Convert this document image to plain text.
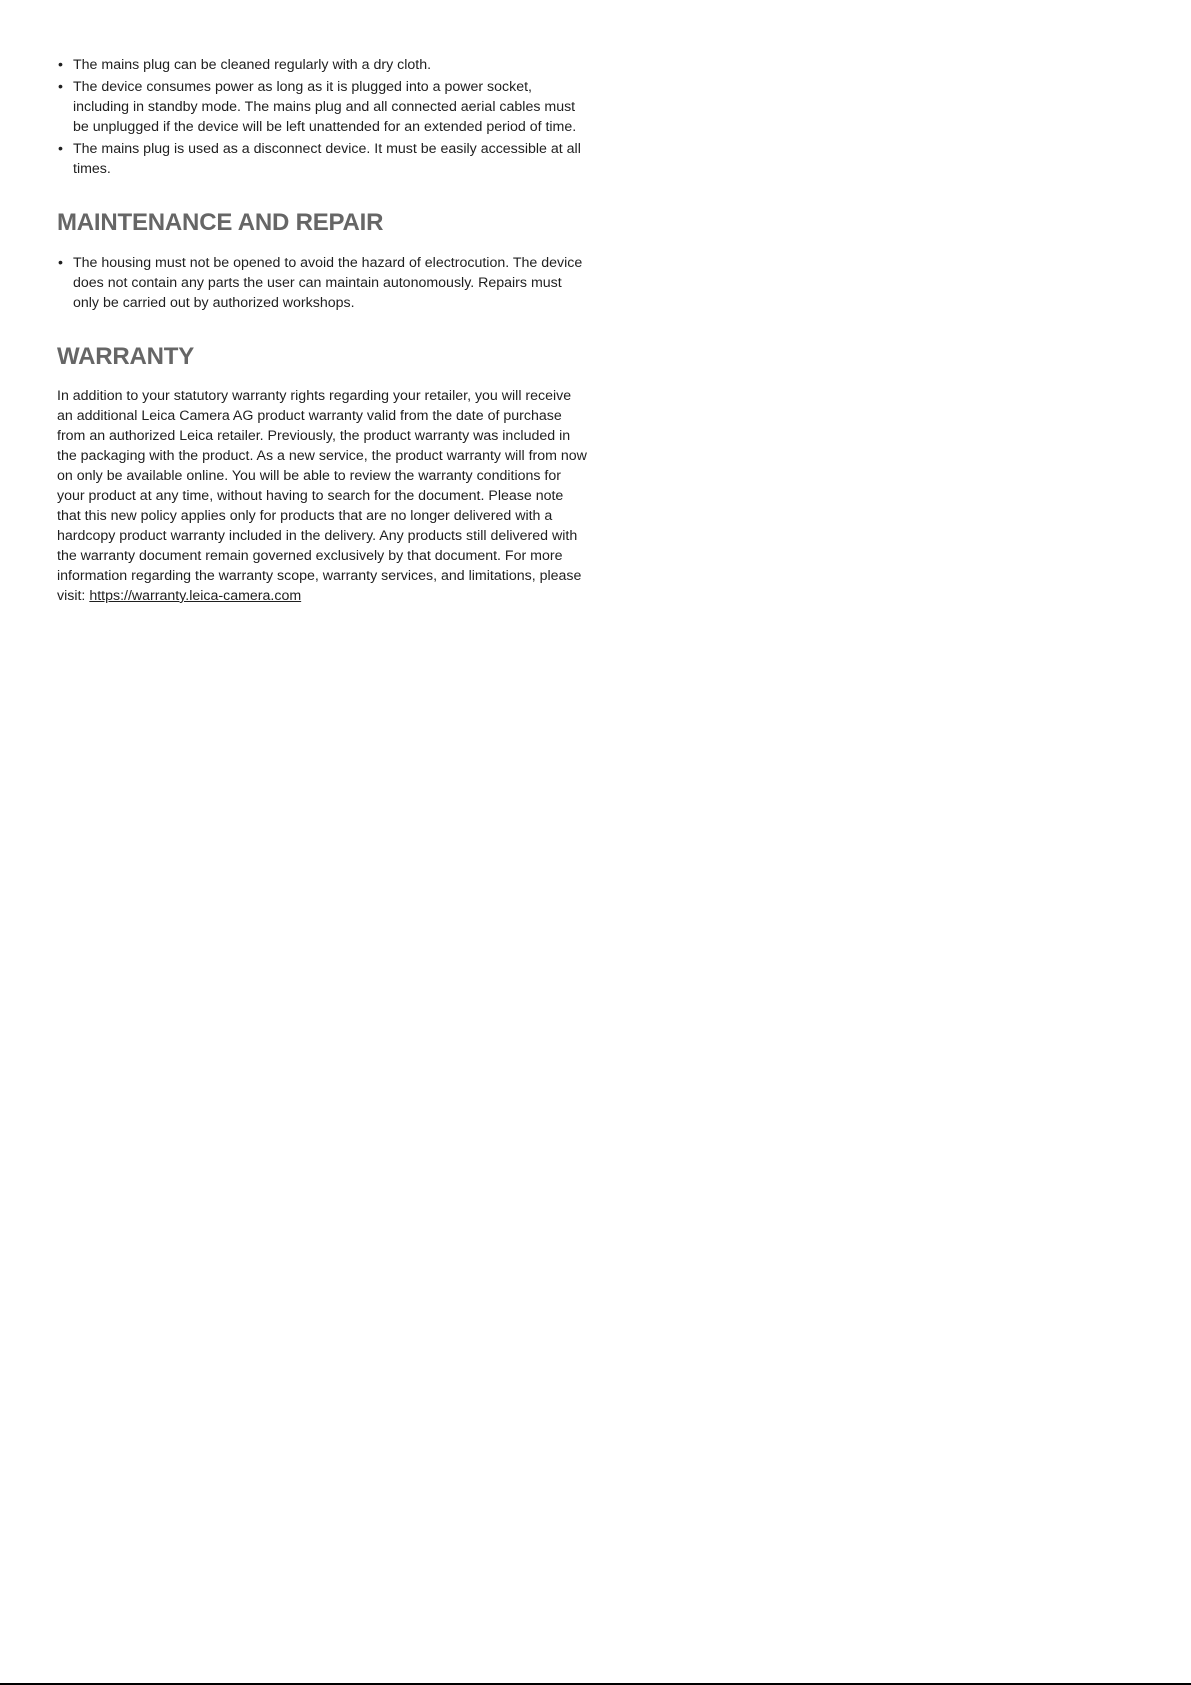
• The mains plug can be cleaned regularly with a dry cloth.
• The device consumes power as long as it is plugged into a power socket, including in standby mode. The mains plug and all connected aerial cables must be unplugged if the device will be left unattended for an extended period of time.
• The mains plug is used as a disconnect device. It must be easily accessible at all times.
MAINTENANCE AND REPAIR
• The housing must not be opened to avoid the hazard of electrocution. The device does not contain any parts the user can maintain autonomously. Repairs must only be carried out by authorized workshops.
WARRANTY

In addition to your statutory warranty rights regarding your retailer, you will receive an additional Leica Camera AG product warranty valid from the date of purchase from an authorized Leica retailer. Previously, the product warranty was included in the packaging with the product. As a new service, the product warranty will from now on only be available online. You will be able to review the warranty conditions for your product at any time, without having to search for the document. Please note that this new policy applies only for products that are no longer delivered with a hardcopy product warranty included in the delivery. Any products still delivered with the warranty document remain governed exclusively by that document. For more information regarding the warranty scope, warranty services, and limitations, please visit: https://warranty.leica-camera.com
